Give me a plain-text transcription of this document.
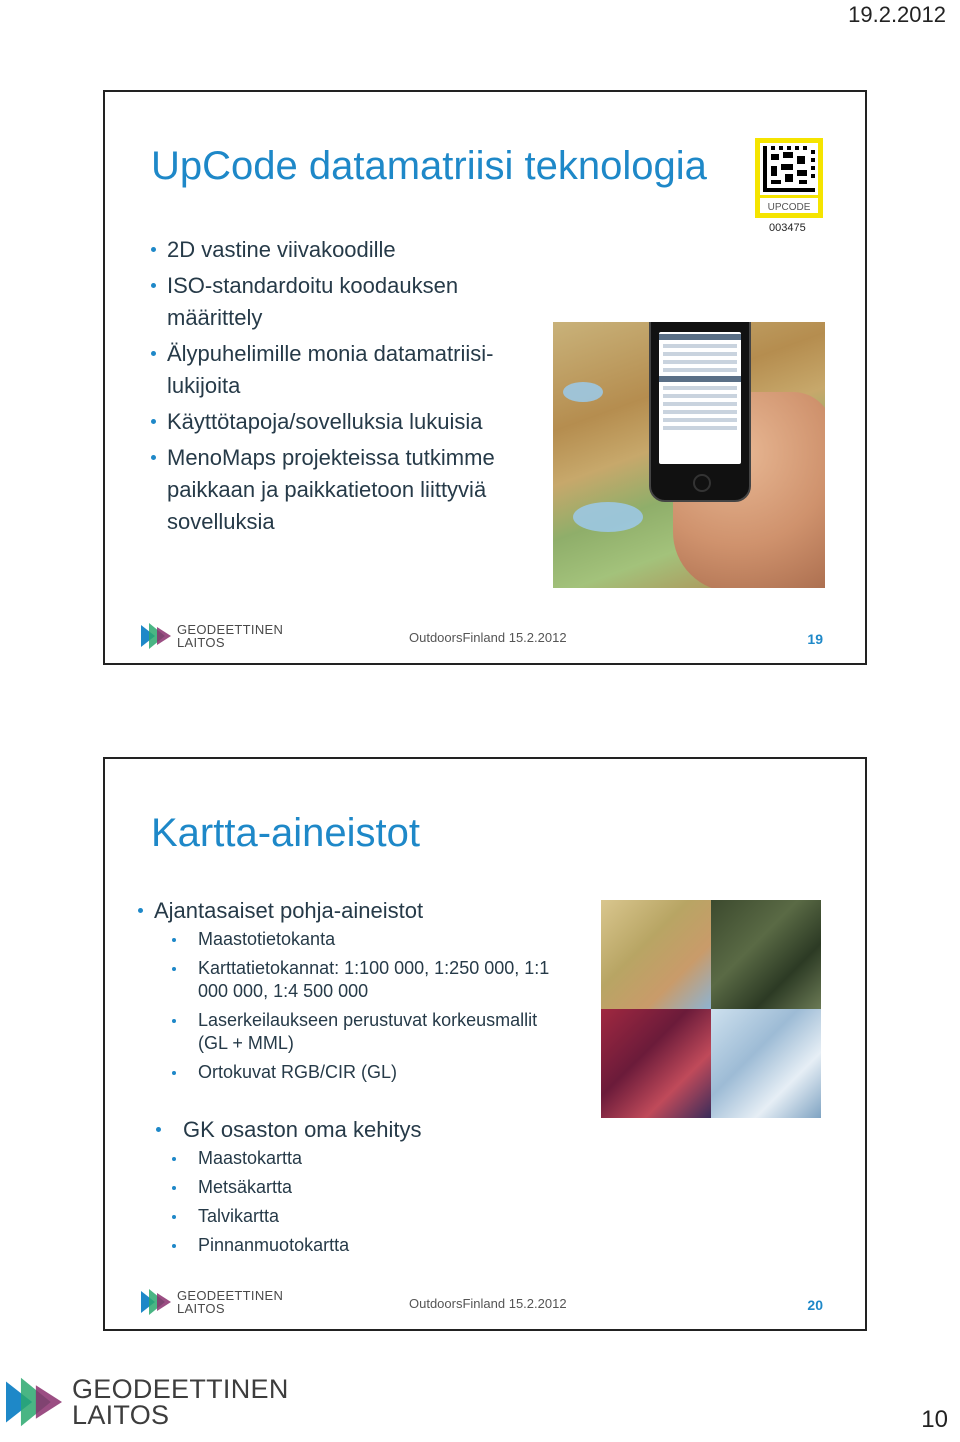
19.2.2012
UpCode datamatriisi teknologia
2D vastine viivakoodille
ISO-standardoitu koodauksen määrittely
Älypuhelimille monia datamatriisi-lukijoita
Käyttötapoja/sovelluksia lukuisia
MenoMaps projekteissa tutkimme paikkaan ja paikkatietoon liittyviä sovelluksia
UPCODE
003475
GEODEETTINEN
LAITOS	OutdoorsFinland 15.2.2012	19
Kartta-aineistot
Ajantasaiset pohja-aineistot
Maastotietokanta
Karttatietokannat: 1:100 000, 1:250 000, 1:1 000 000, 1:4 500 000
Laserkeilaukseen perustuvat korkeusmallit (GL + MML)
Ortokuvat RGB/CIR (GL)
GK osaston oma kehitys
Maastokartta
Metsäkartta
Talvikartta
Pinnanmuotokartta
GEODEETTINEN
LAITOS	OutdoorsFinland 15.2.2012	20
GEODEETTINEN
LAITOS	10
